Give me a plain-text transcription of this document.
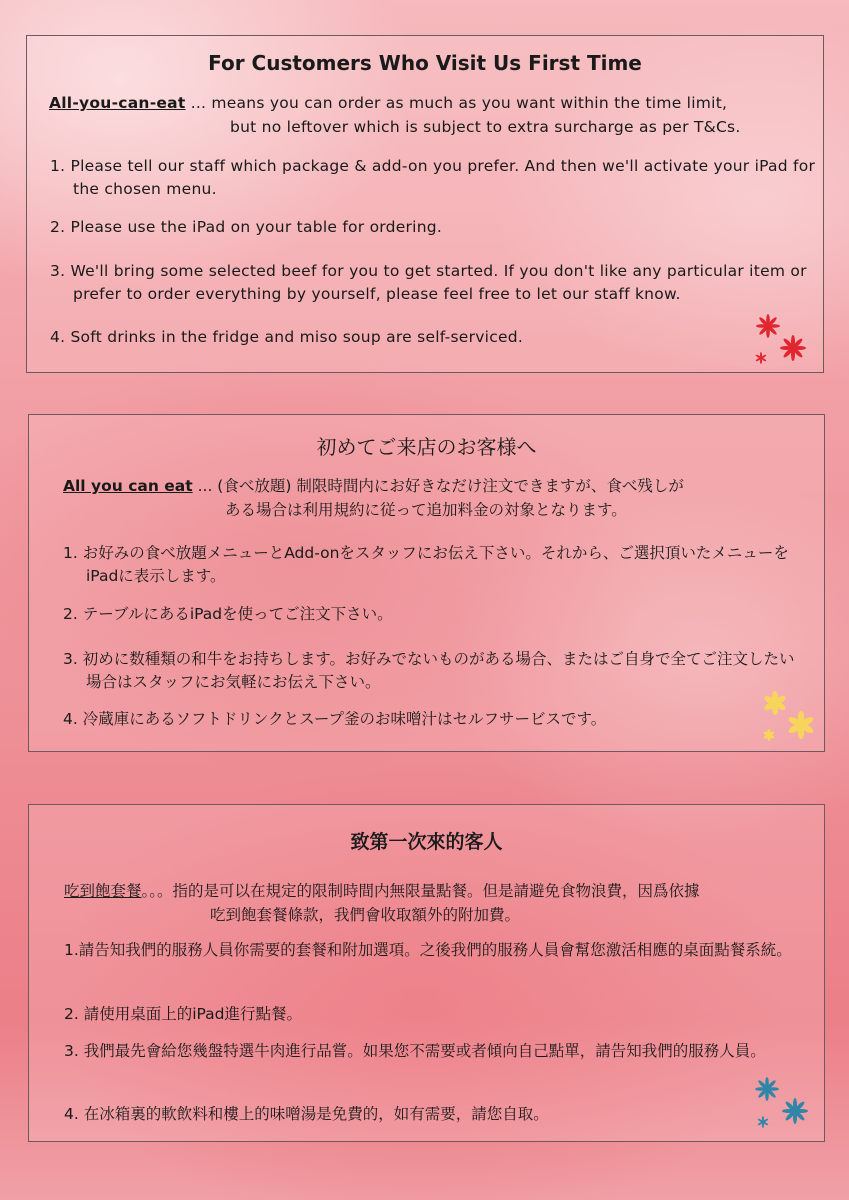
For Customers Who Visit Us First Time

All-you-can-eat ... means you can order as much as you want within the time limit,
but no leftover which is subject to extra surcharge as per T&Cs.

1. Please tell our staff which package & add-on you prefer. And then we'll activate your iPad for the chosen menu.

2. Please use the iPad on your table for ordering.

3. We'll bring some selected beef for you to get started. If you don't like any particular item or prefer to order everything by yourself, please feel free to let our staff know.

4. Soft drinks in the fridge and miso soup are self-serviced.

初めてご来店のお客様へ

All you can eat ... (食べ放題) 制限時間内にお好きなだけ注文できますが、食べ残しが
ある場合は利用規約に従って追加料金の対象となります。

1. お好みの食べ放題メニューとAdd-onをスタッフにお伝え下さい。それから、ご選択頂いたメニューをiPadに表示します。

2. テーブルにあるiPadを使ってご注文下さい。

3. 初めに数種類の和牛をお持ちします。お好みでないものがある場合、またはご自身で全てご注文したい場合はスタッフにお気軽にお伝え下さい。

4. 冷蔵庫にあるソフトドリンクとスープ釜のお味噌汁はセルフサービスです。

致第一次來的客人

吃到飽套餐。。。指的是可以在規定的限制時間内無限量點餐。但是請避免食物浪費，因爲依據
吃到飽套餐條款，我們會收取額外的附加費。

1.請告知我們的服務人員你需要的套餐和附加選項。之後我們的服務人員會幫您激活相應的桌面點餐系統。

2. 請使用桌面上的iPad進行點餐。

3. 我們最先會給您幾盤特選牛肉進行品嘗。如果您不需要或者傾向自己點單，請告知我們的服務人員。

4. 在冰箱裏的軟飲料和樓上的味噌湯是免費的，如有需要，請您自取。
